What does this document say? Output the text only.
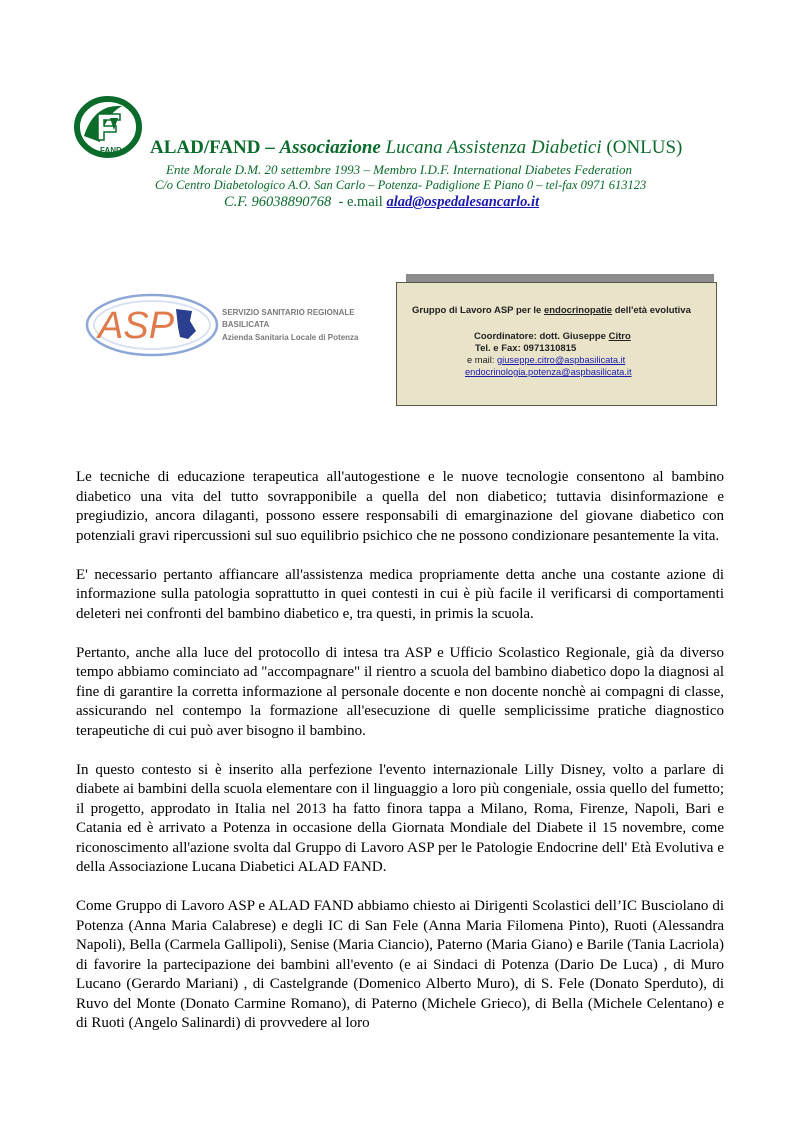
FAND ALAD/FAND – Associazione Lucana Assistenza Diabetici (ONLUS)
Ente Morale D.M. 20 settembre 1993 – Membro I.D.F. International Diabetes Federation
C/o Centro Diabetologico A.O. San Carlo – Potenza- Padiglione E Piano 0 – tel-fax 0971 613123
C.F. 96038890768  - e.mail alad@ospedalesancarlo.it
ASP	SERVIZIO SANITARIO REGIONALE
BASILICATA
Azienda Sanitaria Locale di Potenza
Gruppo di Lavoro ASP per le endocrinopatie dell'età evolutiva
Coordinatore: dott. Giuseppe Citro
Tel. e Fax: 0971310815
e mail: giuseppe.citro@aspbasilicata.it
endocrinologia.potenza@aspbasilicata.it

Le tecniche di educazione terapeutica all'autogestione e le nuove tecnologie consentono al bambino diabetico una vita del tutto sovrapponibile a quella del non diabetico; tuttavia disinformazione e pregiudizio, ancora dilaganti, possono essere responsabili di emarginazione del giovane diabetico con potenziali gravi ripercussioni sul suo equilibrio psichico che ne possono condizionare pesantemente la vita.

E' necessario pertanto affiancare all'assistenza medica propriamente detta anche una costante azione di informazione sulla patologia soprattutto in quei contesti in cui è più facile il verificarsi di comportamenti deleteri nei confronti del bambino diabetico e, tra questi, in primis la scuola.

Pertanto, anche alla luce del protocollo di intesa tra ASP e Ufficio Scolastico Regionale, già da diverso tempo abbiamo cominciato ad "accompagnare" il rientro a scuola del bambino diabetico dopo la diagnosi al fine di garantire la corretta informazione al personale docente e non docente nonchè ai compagni di classe, assicurando nel contempo la formazione all'esecuzione di quelle semplicissime pratiche diagnostico terapeutiche di cui può aver bisogno il bambino.

In questo contesto si è inserito alla perfezione l'evento internazionale Lilly Disney, volto a parlare di diabete ai bambini della scuola elementare con il linguaggio a loro più congeniale, ossia quello del fumetto; il progetto, approdato in Italia nel 2013 ha fatto finora tappa a Milano, Roma, Firenze, Napoli, Bari e Catania ed è arrivato a Potenza in occasione della Giornata Mondiale del Diabete il 15 novembre, come riconoscimento all'azione svolta dal Gruppo di Lavoro ASP per le Patologie Endocrine dell' Età Evolutiva e della Associazione Lucana Diabetici ALAD FAND.

Come Gruppo di Lavoro ASP e ALAD FAND abbiamo chiesto ai Dirigenti Scolastici dell’IC Busciolano di Potenza (Anna Maria Calabrese) e degli IC di San Fele (Anna Maria Filomena Pinto), Ruoti (Alessandra Napoli), Bella (Carmela Gallipoli), Senise (Maria Ciancio), Paterno (Maria Giano) e Barile (Tania Lacriola) di favorire la partecipazione dei bambini all'evento (e ai Sindaci di Potenza (Dario De Luca) , di Muro Lucano (Gerardo Mariani) , di Castelgrande (Domenico Alberto Muro), di S. Fele (Donato Sperduto), di Ruvo del Monte (Donato Carmine Romano), di Paterno (Michele Grieco), di Bella (Michele Celentano) e di Ruoti (Angelo Salinardi) di provvedere al loro
